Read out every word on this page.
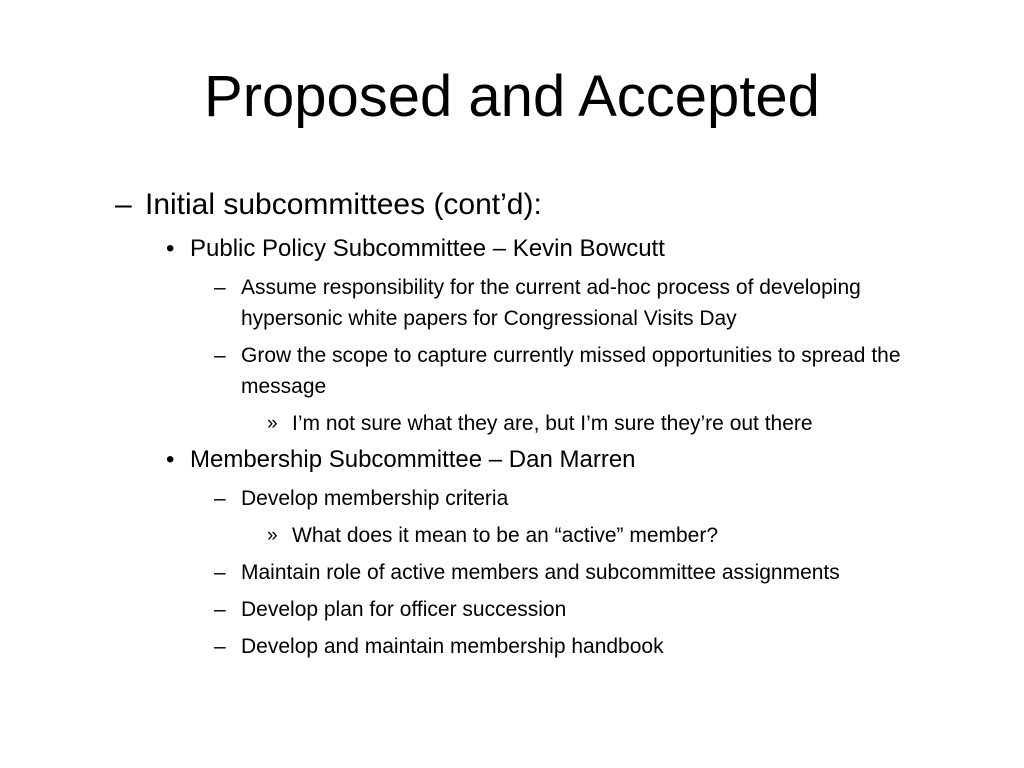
Proposed and Accepted
– Initial subcommittees (cont’d):
• Public Policy Subcommittee – Kevin Bowcutt
– Assume responsibility for the current ad-hoc process of developing hypersonic white papers for Congressional Visits Day
– Grow the scope to capture currently missed opportunities to spread the message
» I’m not sure what they are, but I’m sure they’re out there
• Membership Subcommittee – Dan Marren
– Develop membership criteria
» What does it mean to be an “active” member?
– Maintain role of active members and subcommittee assignments
– Develop plan for officer succession
– Develop and maintain membership handbook
